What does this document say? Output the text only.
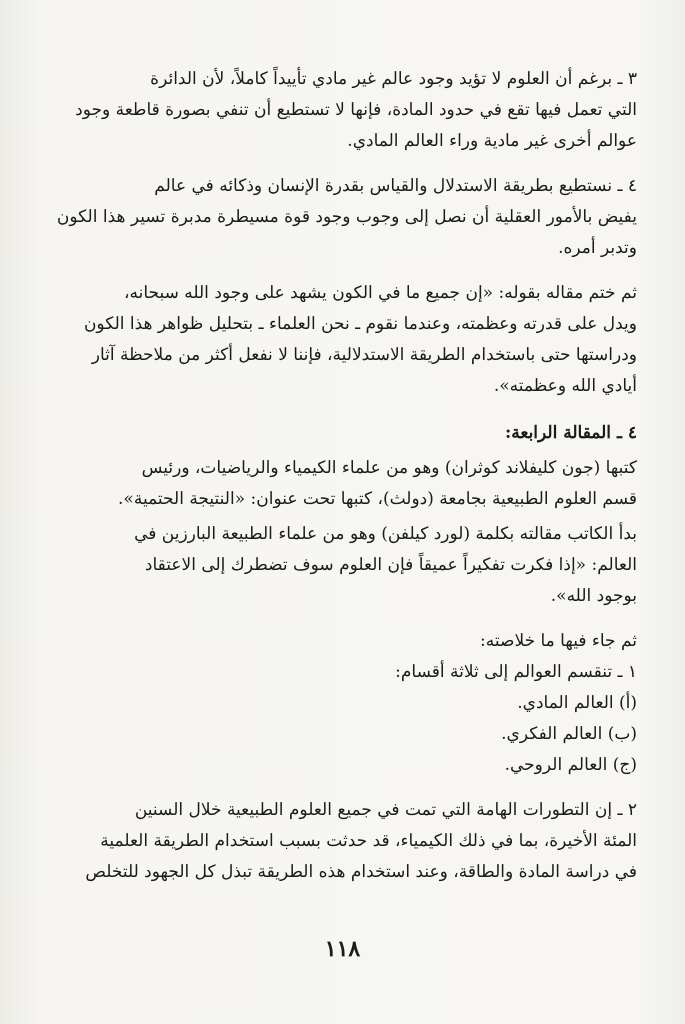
٣ ـ برغم أن العلوم لا تؤيد وجود عالم غير مادي تأييداً كاملاً، لأن الدائرة
التي تعمل فيها تقع في حدود المادة، فإنها لا تستطيع أن تنفي بصورة قاطعة وجود
عوالم أخرى غير مادية وراء العالم المادي.

٤ ـ نستطيع بطريقة الاستدلال والقياس بقدرة الإنسان وذكائه في عالم
يفيض بالأمور العقلية أن نصل إلى وجوب وجود قوة مسيطرة مدبرة تسير هذا الكون
وتدبر أمره.

ثم ختم مقاله بقوله: «إن جميع ما في الكون يشهد على وجود الله سبحانه،
ويدل على قدرته وعظمته، وعندما نقوم ـ نحن العلماء ـ بتحليل ظواهر هذا الكون
ودراستها حتى باستخدام الطريقة الاستدلالية، فإننا لا نفعل أكثر من ملاحظة آثار
أيادي الله وعظمته».

٤ ـ المقالة الرابعة:

كتبها (جون كليفلاند كوثران) وهو من علماء الكيمياء والرياضيات، ورئيس
قسم العلوم الطبيعية بجامعة (دولث)، كتبها تحت عنوان: «النتيجة الحتمية».

بدأ الكاتب مقالته بكلمة (لورد كيلفن) وهو من علماء الطبيعة البارزين في
العالم: «إذا فكرت تفكيراً عميقاً فإن العلوم سوف تضطرك إلى الاعتقاد
بوجود الله».

ثم جاء فيها ما خلاصته:
١ ـ تنقسم العوالم إلى ثلاثة أقسام:
(أ) العالم المادي.
(ب) العالم الفكري.
(ج) العالم الروحي.

٢ ـ إن التطورات الهامة التي تمت في جميع العلوم الطبيعية خلال السنين
المئة الأخيرة، بما في ذلك الكيمياء، قد حدثت بسبب استخدام الطريقة العلمية
في دراسة المادة والطاقة، وعند استخدام هذه الطريقة تبذل كل الجهود للتخلص

١١٨
